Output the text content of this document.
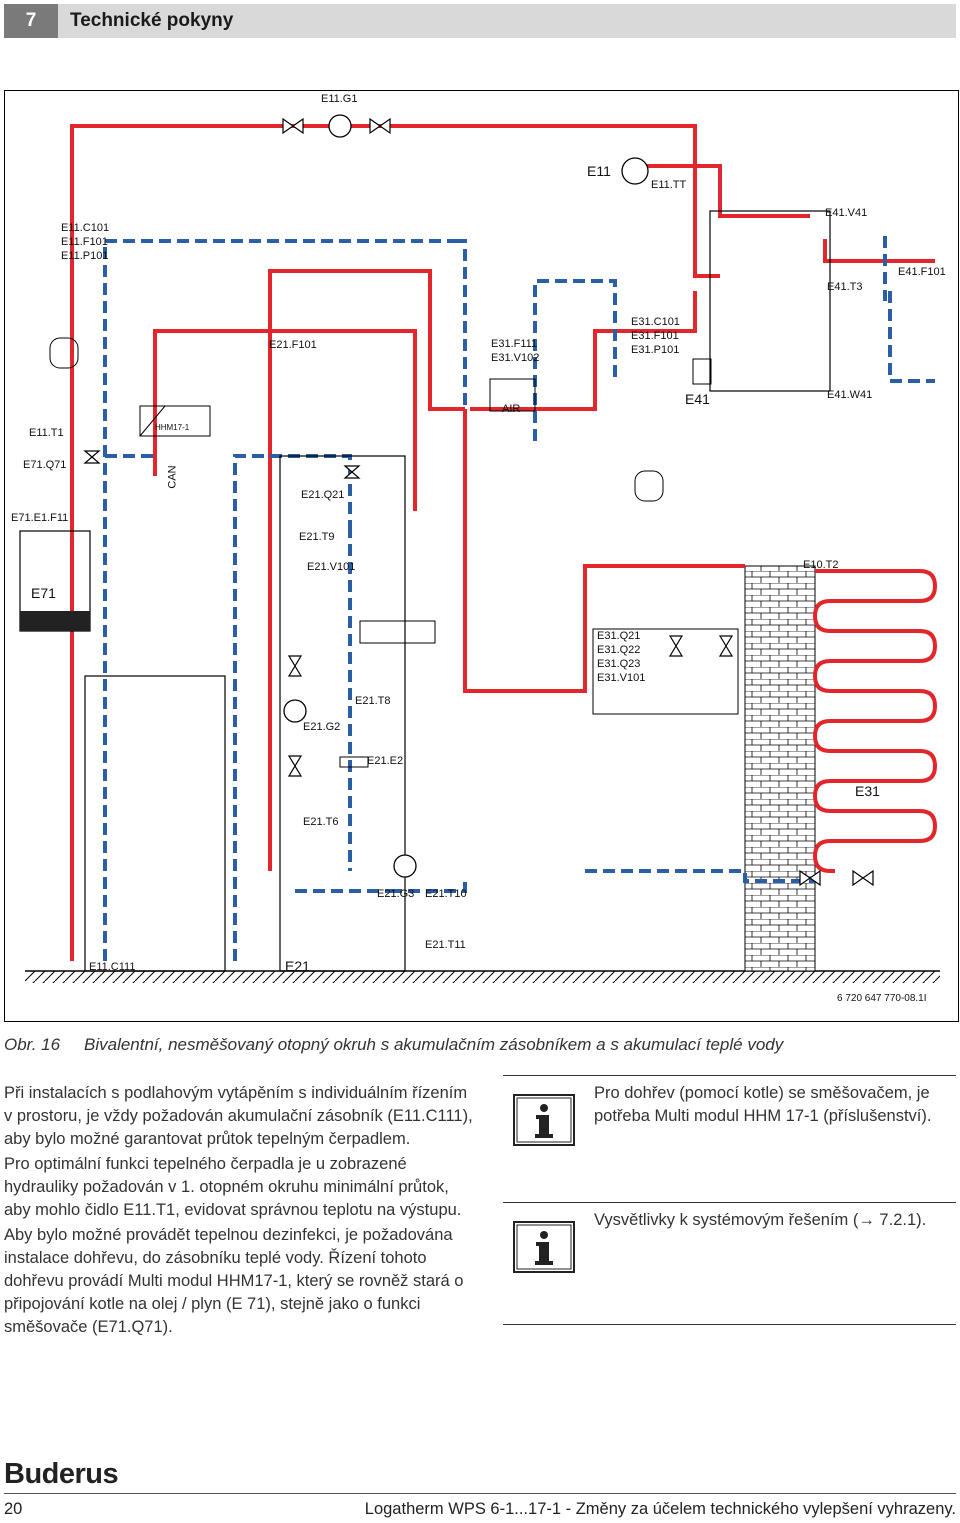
7	Technické pokyny
E11.G1
E11
E11.TT
E41.V41
E41.F101
E41.T3
E11.C101
E11.F101
E11.P101
E21.F101	E31.F111
E31.V102
E31.C101
E31.F101
E31.P101
AIR
E41	E41.W41
E11.T1	HHM17-1
E71.Q71
CAN
E21.Q21
E71.E1.F11
E21.T9
E21.V101	E10.T2
E71
E31.Q21
E31.Q22
E31.Q23
E31.V101
E21.T8
E21.G2
E21.E2
E31
E21.T6
E21.G3 E21.T10
E21.T11
E11.C111	E21
6 720 647 770-08.1I
Obr. 16 Bivalentní, nesměšovaný otopný okruh s akumulačním zásobníkem a s akumulací teplé vody

Při instalacích s podlahovým vytápěním s individuálním řízením v prostoru, je vždy požadován akumulační zásobník (E11.C111), aby bylo možné garantovat průtok tepelným čerpadlem.

Pro optimální funkci tepelného čerpadla je u zobrazené hydrauliky požadován v 1. otopném okruhu minimální průtok, aby mohlo čidlo E11.T1, evidovat správnou teplotu na výstupu.

Aby bylo možné provádět tepelnou dezinfekci, je požadována instalace dohřevu, do zásobníku teplé vody. Řízení tohoto dohřevu provádí Multi modul HHM17-1, který se rovněž stará o připojování kotle na olej / plyn (E 71), stejně jako o funkci směšovače (E71.Q71).

Pro dohřev (pomocí kotle) se směšovačem, je potřeba Multi modul HHM 17-1 (příslušenství).
Vysvětlivky k systémovým řešením (→ 7.2.1).
Buderus
20	Logatherm WPS 6-1...17-1 - Změny za účelem technického vylepšení vyhrazeny.
